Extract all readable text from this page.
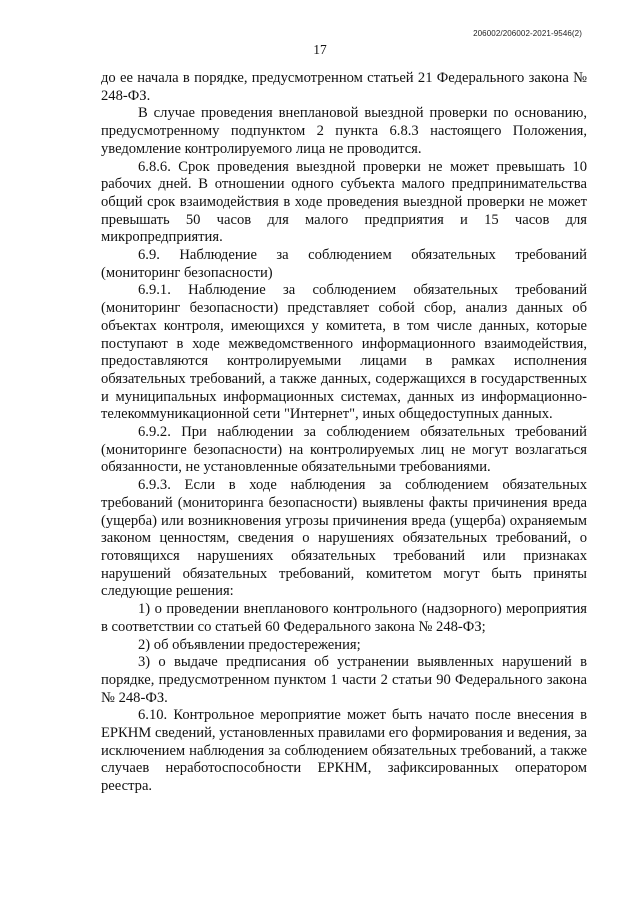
206002/206002-2021-9546(2)
17

до ее начала в порядке, предусмотренном статьей 21 Федерального закона № 248-ФЗ.

В случае проведения внеплановой выездной проверки по основанию, предусмотренному подпунктом 2 пункта 6.8.3 настоящего Положения, уведомление контролируемого лица не проводится.

6.8.6. Срок проведения выездной проверки не может превышать 10 рабочих дней. В отношении одного субъекта малого предпринимательства общий срок взаимодействия в ходе проведения выездной проверки не может превышать 50 часов для малого предприятия и 15 часов для микропредприятия.

6.9. Наблюдение за соблюдением обязательных требований (мониторинг безопасности)

6.9.1. Наблюдение за соблюдением обязательных требований (мониторинг безопасности) представляет собой сбор, анализ данных об объектах контроля, имеющихся у комитета, в том числе данных, которые поступают в ходе межведомственного информационного взаимодействия, предоставляются контролируемыми лицами в рамках исполнения обязательных требований, а также данных, содержащихся в государственных и муниципальных информационных системах, данных из информационно-телекоммуникационной сети "Интернет", иных общедоступных данных.

6.9.2. При наблюдении за соблюдением обязательных требований (мониторинге безопасности) на контролируемых лиц не могут возлагаться обязанности, не установленные обязательными требованиями.

6.9.3. Если в ходе наблюдения за соблюдением обязательных требований (мониторинга безопасности) выявлены факты причинения вреда (ущерба) или возникновения угрозы причинения вреда (ущерба) охраняемым законом ценностям, сведения о нарушениях обязательных требований, о готовящихся нарушениях обязательных требований или признаках нарушений обязательных требований, комитетом могут быть приняты следующие решения:

1) о проведении внепланового контрольного (надзорного) мероприятия в соответствии со статьей 60 Федерального закона № 248-ФЗ;

2) об объявлении предостережения;

3) о выдаче предписания об устранении выявленных нарушений в порядке, предусмотренном пунктом 1 части 2 статьи 90 Федерального закона № 248-ФЗ.

6.10. Контрольное мероприятие может быть начато после внесения в ЕРКНМ сведений, установленных правилами его формирования и ведения, за исключением наблюдения за соблюдением обязательных требований, а также случаев неработоспособности ЕРКНМ, зафиксированных оператором реестра.
